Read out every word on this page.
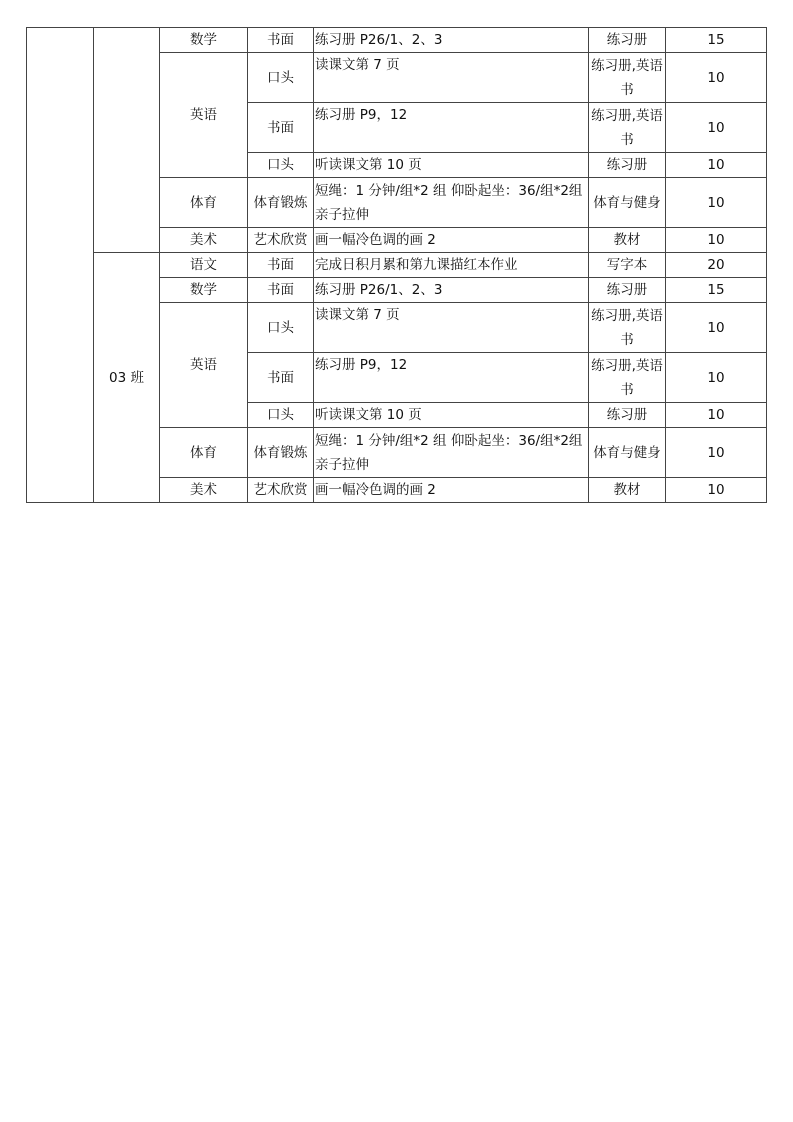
		数学	书面	练习册 P26/1、2、3	练习册	15
		英语	口头	读课文第 7 页	练习册,英语书	10
			书面	练习册 P9，12	练习册,英语书	10
			口头	听读课文第 10 页	练习册	10
		体育	体育锻炼	短绳：1 分钟/组*2 组 仰卧起坐：36/组*2组 亲子拉伸	体育与健身	10
		美术	艺术欣赏	画一幅冷色调的画 2	教材	10
	03 班	语文	书面	完成日积月累和第九课描红本作业	写字本	20
		数学	书面	练习册 P26/1、2、3	练习册	15
		英语	口头	读课文第 7 页	练习册,英语书	10
			书面	练习册 P9，12	练习册,英语书	10
			口头	听读课文第 10 页	练习册	10
		体育	体育锻炼	短绳：1 分钟/组*2 组 仰卧起坐：36/组*2组 亲子拉伸	体育与健身	10
		美术	艺术欣赏	画一幅冷色调的画 2	教材	10
